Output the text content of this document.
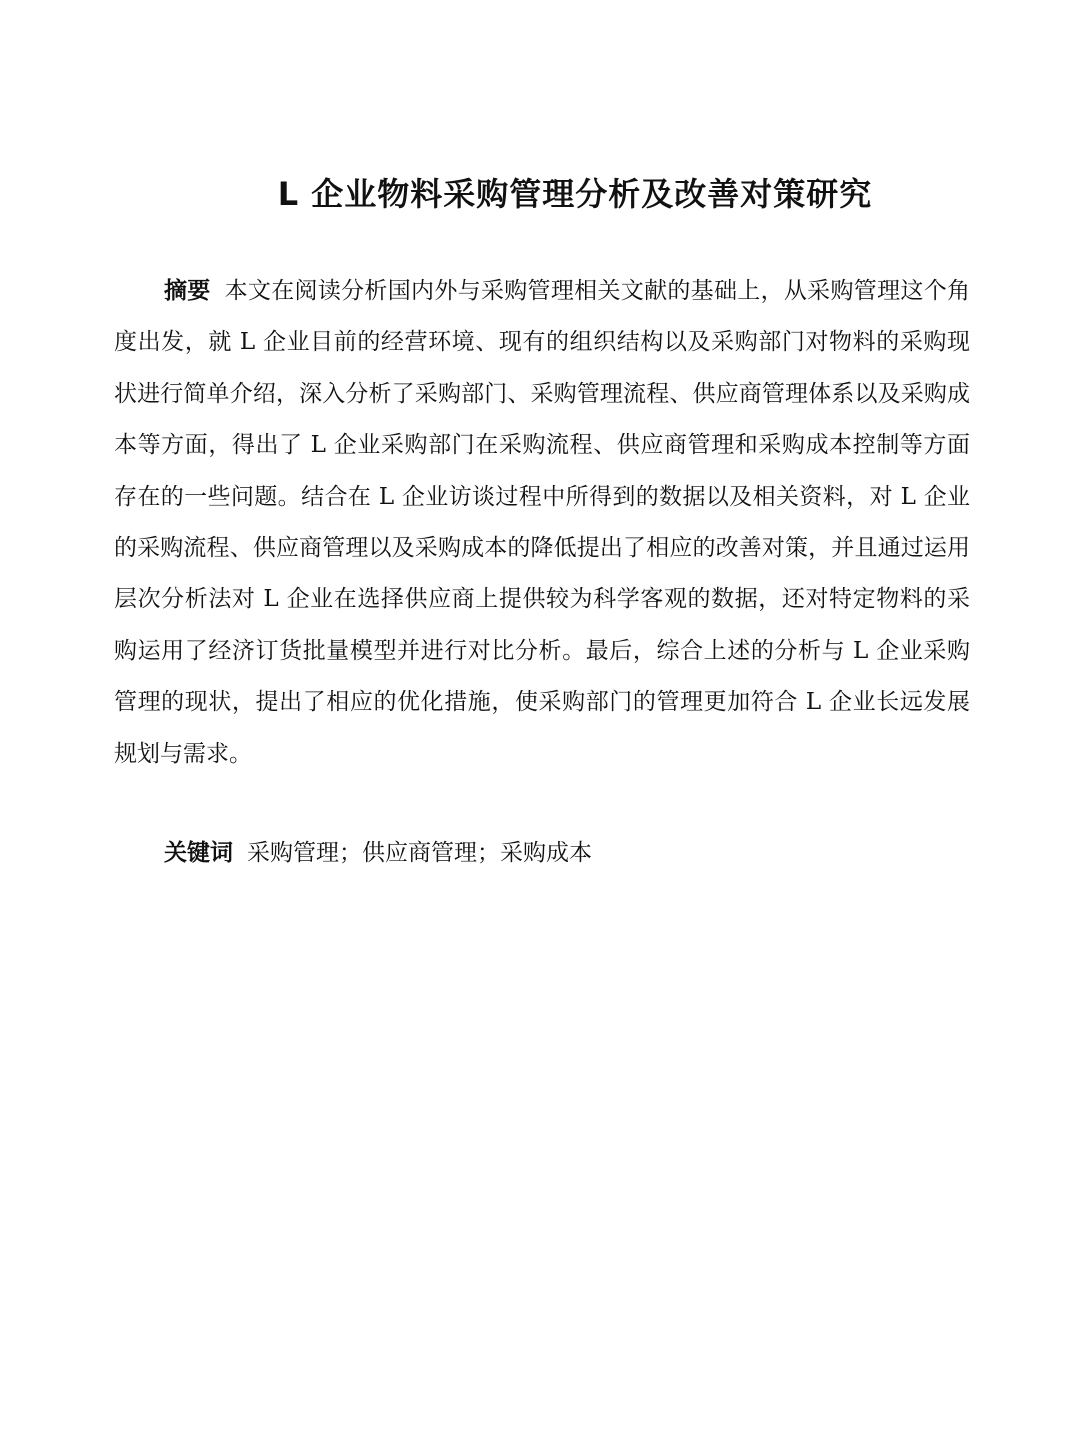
L 企业物料采购管理分析及改善对策研究

摘要 本文在阅读分析国内外与采购管理相关文献的基础上，从采购管理这个角度出发，就 L 企业目前的经营环境、现有的组织结构以及采购部门对物料的采购现状进行简单介绍，深入分析了采购部门、采购管理流程、供应商管理体系以及采购成本等方面，得出了 L 企业采购部门在采购流程、供应商管理和采购成本控制等方面存在的一些问题。结合在 L 企业访谈过程中所得到的数据以及相关资料，对 L 企业的采购流程、供应商管理以及采购成本的降低提出了相应的改善对策，并且通过运用层次分析法对 L 企业在选择供应商上提供较为科学客观的数据，还对特定物料的采购运用了经济订货批量模型并进行对比分析。最后，综合上述的分析与 L 企业采购管理的现状，提出了相应的优化措施，使采购部门的管理更加符合 L 企业长远发展规划与需求。

关键词 采购管理；供应商管理；采购成本
